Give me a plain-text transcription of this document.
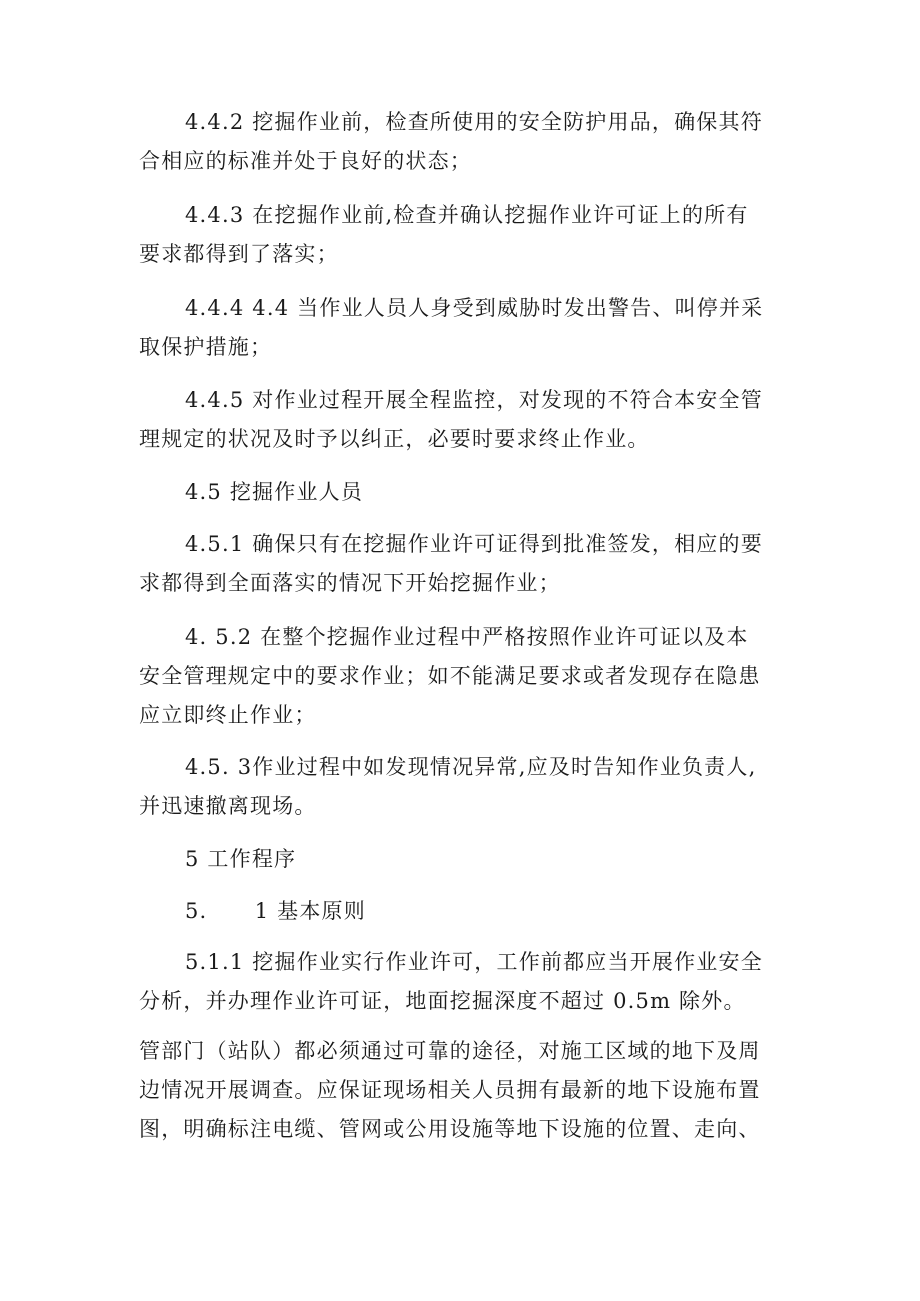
4.4.2 挖掘作业前，检查所使用的安全防护用品，确保其符
合相应的标准并处于良好的状态；

4.4.3 在挖掘作业前,检查并确认挖掘作业许可证上的所有
要求都得到了落实；

4.4.4 4.4 当作业人员人身受到威胁时发出警告、叫停并采
取保护措施；

4.4.5 对作业过程开展全程监控，对发现的不符合本安全管
理规定的状况及时予以纠正，必要时要求终止作业。

4.5 挖掘作业人员

4.5.1 确保只有在挖掘作业许可证得到批准签发，相应的要
求都得到全面落实的情况下开始挖掘作业；

4. 5.2 在整个挖掘作业过程中严格按照作业许可证以及本
安全管理规定中的要求作业；如不能满足要求或者发现存在隐患
应立即终止作业；

4.5. 3作业过程中如发现情况异常,应及时告知作业负责人,
并迅速撤离现场。

5 工作程序

5.      1 基本原则

5.1.1 挖掘作业实行作业许可，工作前都应当开展作业安全
分析，并办理作业许可证，地面挖掘深度不超过 0.5m 除外。

管部门（站队）都必须通过可靠的途径，对施工区域的地下及周
边情况开展调查。应保证现场相关人员拥有最新的地下设施布置
图，明确标注电缆、管网或公用设施等地下设施的位置、走向、
